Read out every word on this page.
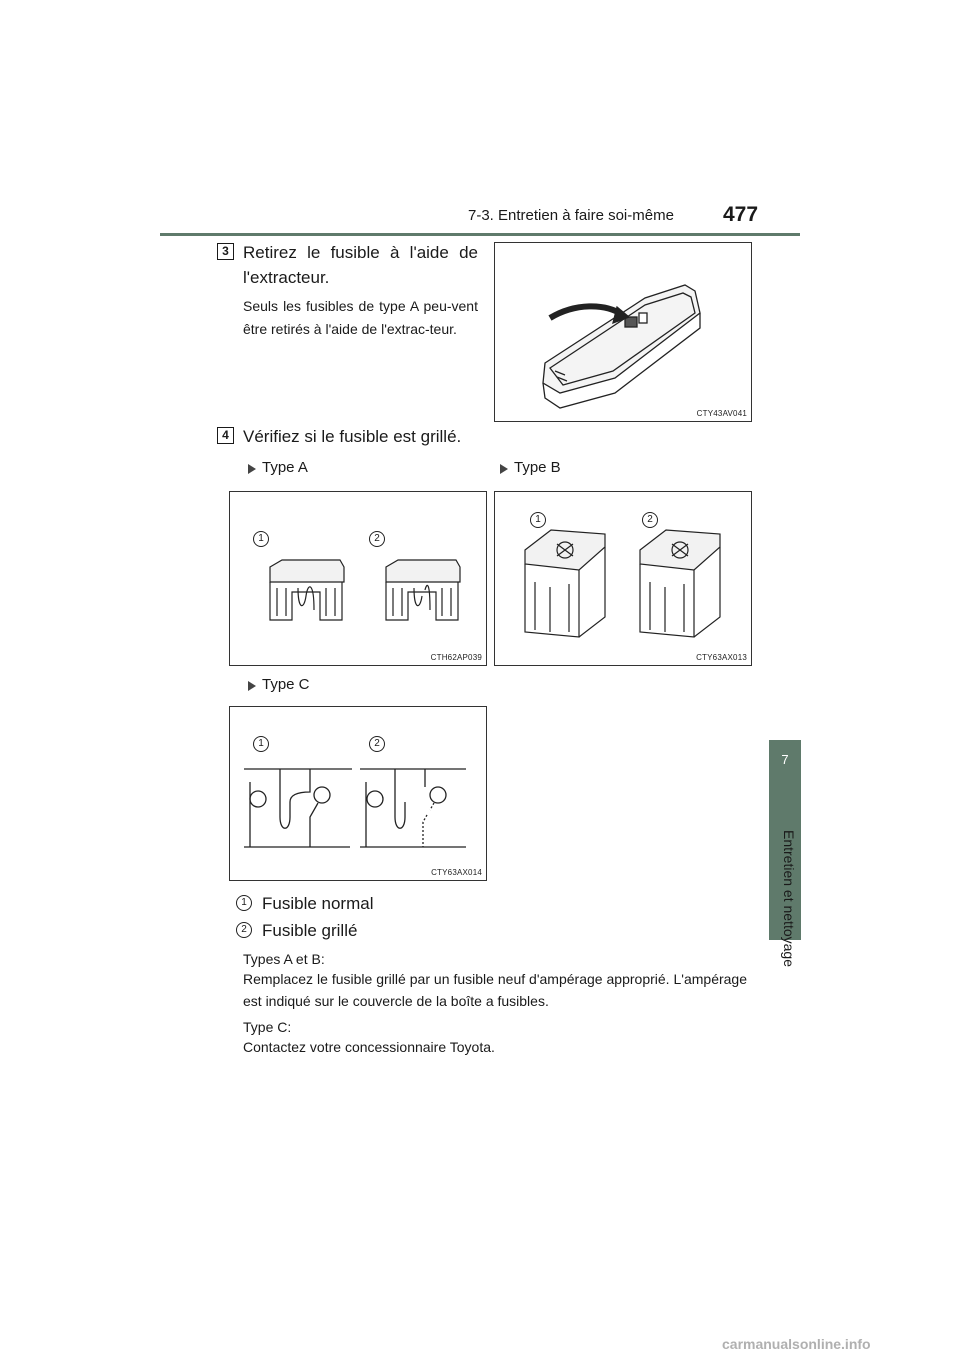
7-3. Entretien à faire soi-même 477
7
Entretien et nettoyage
3 Retirez le fusible à l'aide de l'extracteur.
Seuls les fusibles de type A peu-vent être retirés à l'aide de l'extrac-teur.
CTY43AV041
4 Vérifiez si le fusible est grillé.
Type A	Type B
1	2
CTH62AP039
1	2
CTY63AX013
Type C
1	2
CTY63AX014
1 Fusible normal
2 Fusible grillé
Types A et B:
Remplacez le fusible grillé par un fusible neuf d'ampérage approprié. L'ampérage est indiqué sur le couvercle de la boîte a fusibles.
Type C:
Contactez votre concessionnaire Toyota.
carmanualsonline.info
